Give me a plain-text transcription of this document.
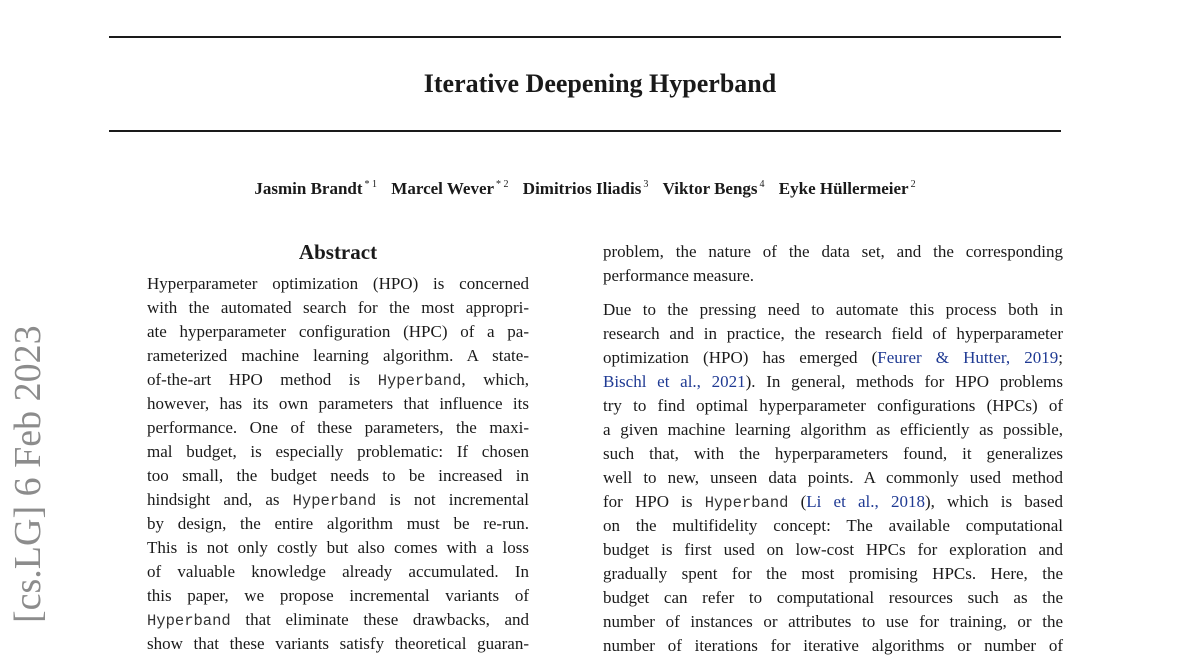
Iterative Deepening Hyperband
Jasmin Brandt $^{* 1}$ Marcel Wever $^{* 2}$ Dimitrios Iliadis $^3$ Viktor Bengs $^4$ Eyke Hüllermeier $^2$
[cs.LG] 6 Feb 2023
Abstract
Hyperparameter optimization (HPO) is concerned
with the automated search for the most appropri-
ate hyperparameter configuration (HPC) of a pa-
rameterized machine learning algorithm. A state-
of-the-art HPO method is Hyperband, which,
however, has its own parameters that influence its
performance. One of these parameters, the maxi-
mal budget, is especially problematic: If chosen
too small, the budget needs to be increased in
hindsight and, as Hyperband is not incremental
by design, the entire algorithm must be re-run.
This is not only costly but also comes with a loss
of valuable knowledge already accumulated. In
this paper, we propose incremental variants of
Hyperband that eliminate these drawbacks, and
show that these variants satisfy theoretical guaran-
problem, the nature of the data set, and the corresponding
performance measure.
Due to the pressing need to automate this process both in
research and in practice, the research field of hyperparameter
optimization (HPO) has emerged (Feurer & Hutter, 2019;
Bischl et al., 2021). In general, methods for HPO problems
try to find optimal hyperparameter configurations (HPCs) of
a given machine learning algorithm as efficiently as possible,
such that, with the hyperparameters found, it generalizes
well to new, unseen data points. A commonly used method
for HPO is Hyperband (Li et al., 2018), which is based
on the multifidelity concept: The available computational
budget is first used on low-cost HPCs for exploration and
gradually spent for the most promising HPCs. Here, the
budget can refer to computational resources such as the
number of instances or attributes to use for training, or the
number of iterations for iterative algorithms or number of
